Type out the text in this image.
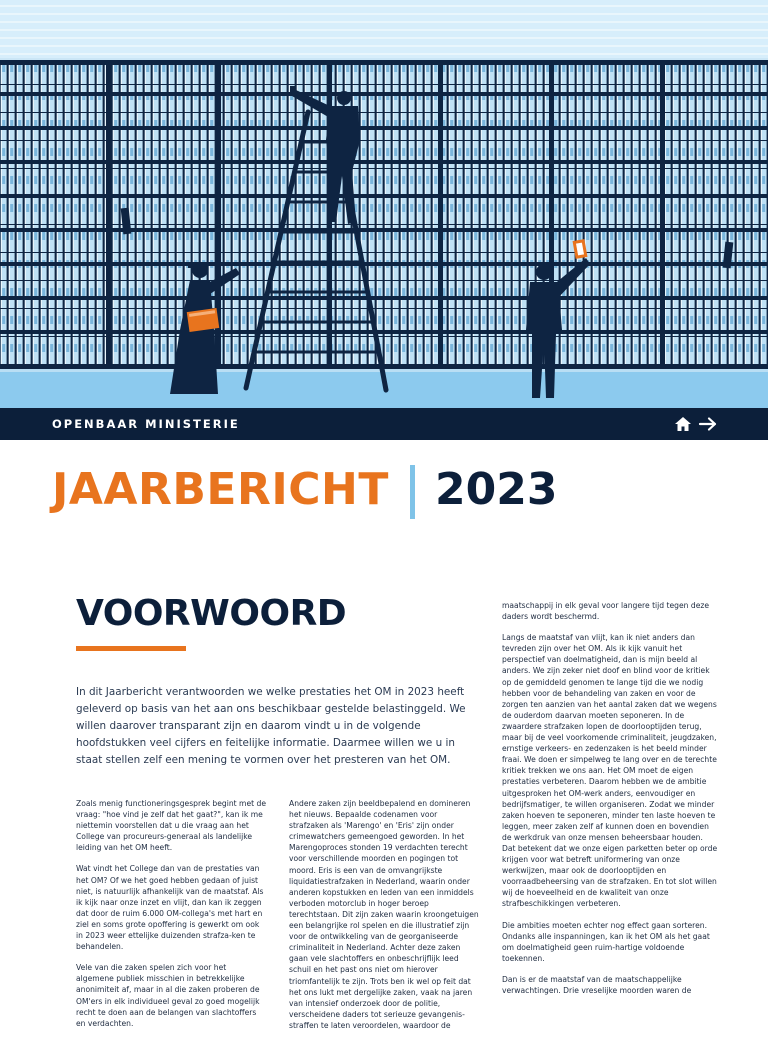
OPENBAAR MINISTERIE
JAARBERICHT 2023
VOORWOORD

In dit Jaarbericht verantwoorden we welke prestaties het OM in 2023 heeft geleverd op basis van het aan ons beschikbaar gestelde belastinggeld. We willen daarover transparant zijn en daarom vindt u in de volgende hoofdstukken veel cijfers en feitelijke informatie. Daarmee willen we u in staat stellen zelf een mening te vormen over het presteren van het OM.

Zoals menig functioneringsgesprek begint met de vraag: "hoe vind je zelf dat het gaat?", kan ik me niettemin voorstellen dat u die vraag aan het College van procureurs-generaal als landelijke leiding van het OM heeft.

Wat vindt het College dan van de prestaties van het OM? Of we het goed hebben gedaan of juist niet, is natuurlijk afhankelijk van de maatstaf. Als ik kijk naar onze inzet en vlijt, dan kan ik zeggen dat door de ruim 6.000 OM-collega's met hart en ziel en soms grote opoffering is gewerkt om ook in 2023 weer ettelijke duizenden strafza-ken te behandelen.

Vele van die zaken spelen zich voor het algemene publiek misschien in betrekkelijke anonimiteit af, maar in al die zaken proberen de OM'ers in elk individueel geval zo goed mogelijk recht te doen aan de belangen van slachtoffers en verdachten.

Andere zaken zijn beeldbepalend en domineren het nieuws. Bepaalde codenamen voor strafzaken als 'Marengo' en 'Eris' zijn onder crimewatchers gemeengoed geworden. In het Marengoproces stonden 19 verdachten terecht voor verschillende moorden en pogingen tot moord. Eris is een van de omvangrijkste liquidatiestrafzaken in Nederland, waarin onder anderen kopstukken en leden van een inmiddels verboden motorclub in hoger beroep terechtstaan. Dit zijn zaken waarin kroongetuigen een belangrijke rol spelen en die illustratief zijn voor de ontwikkeling van de georganiseerde criminaliteit in Nederland. Achter deze zaken gaan vele slachtoffers en onbeschrijflijk leed schuil en het past ons niet om hierover triomfantelijk te zijn. Trots ben ik wel op feit dat het ons lukt met dergelijke zaken, vaak na jaren van intensief onderzoek door de politie, verscheidene daders tot serieuze gevangenis-straffen te laten veroordelen, waardoor de

maatschappij in elk geval voor langere tijd tegen deze daders wordt beschermd.

Langs de maatstaf van vlijt, kan ik niet anders dan tevreden zijn over het OM. Als ik kijk vanuit het perspectief van doelmatigheid, dan is mijn beeld al anders. We zijn zeker niet doof en blind voor de kritiek op de gemiddeld genomen te lange tijd die we nodig hebben voor de behandeling van zaken en voor de zorgen ten aanzien van het aantal zaken dat we wegens de ouderdom daarvan moeten seponeren. In de zwaardere strafzaken lopen de doorlooptijden terug, maar bij de veel voorkomende criminaliteit, jeugdzaken, ernstige verkeers- en zedenzaken is het beeld minder fraai. We doen er simpelweg te lang over en de terechte kritiek trekken we ons aan. Het OM moet de eigen prestaties verbeteren. Daarom hebben we de ambitie uitgesproken het OM-werk anders, eenvoudiger en bedrijfsmatiger, te willen organiseren. Zodat we minder zaken hoeven te seponeren, minder ten laste hoeven te leggen, meer zaken zelf af kunnen doen en bovendien de werkdruk van onze mensen beheersbaar houden. Dat betekent dat we onze eigen parketten beter op orde krijgen voor wat betreft uniformering van onze werkwijzen, maar ook de doorlooptijden en voorraadbeheersing van de strafzaken. En tot slot willen wij de hoeveelheid en de kwaliteit van onze strafbeschikkingen verbeteren.

Die ambities moeten echter nog effect gaan sorteren. Ondanks alle inspanningen, kan ik het OM als het gaat om doelmatigheid geen ruim-hartige voldoende toekennen.

Dan is er de maatstaf van de maatschappelijke verwachtingen. Drie vreselijke moorden waren de
